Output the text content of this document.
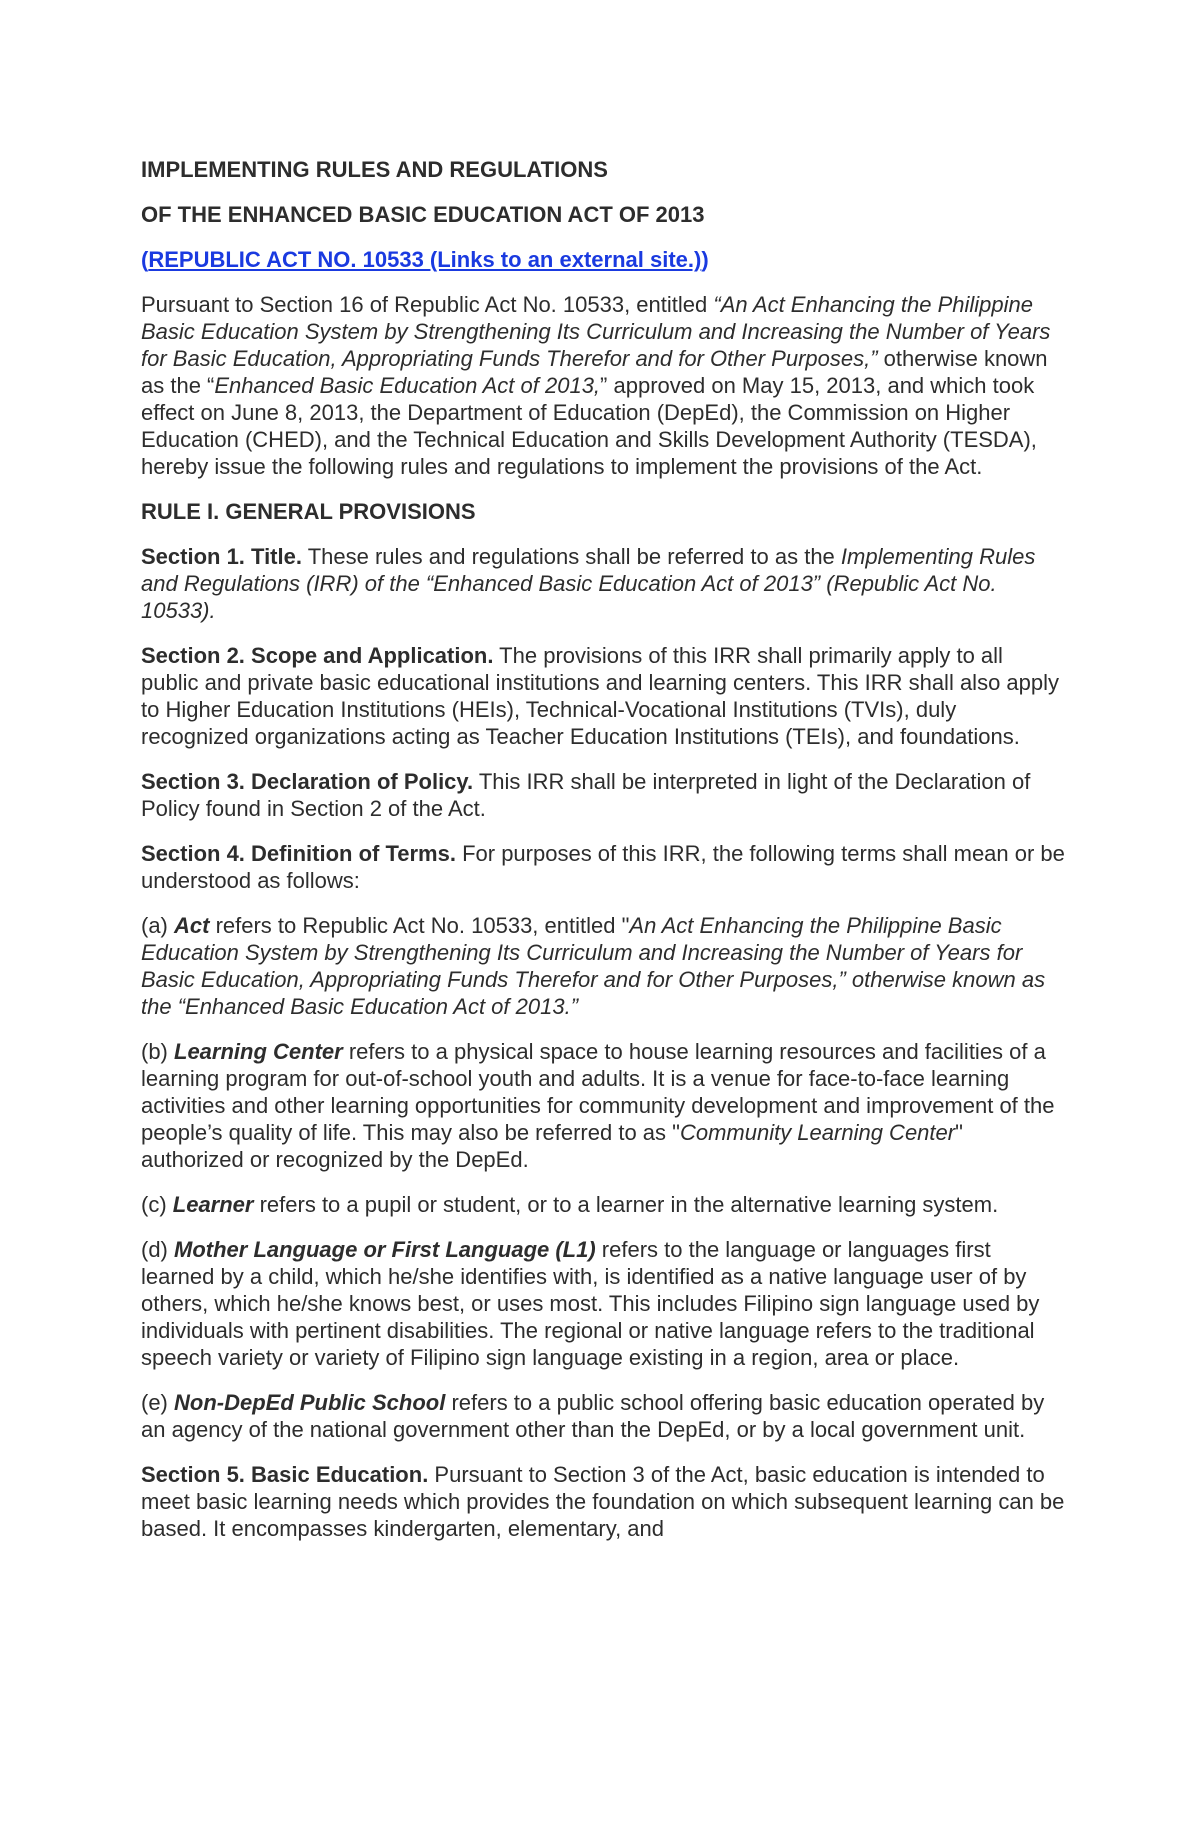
IMPLEMENTING RULES AND REGULATIONS
OF THE ENHANCED BASIC EDUCATION ACT OF 2013
(REPUBLIC ACT NO. 10533 (Links to an external site.))

Pursuant to Section 16 of Republic Act No. 10533, entitled “An Act Enhancing the Philippine Basic Education System by Strengthening Its Curriculum and Increasing the Number of Years for Basic Education, Appropriating Funds Therefor and for Other Purposes,” otherwise known as the “Enhanced Basic Education Act of 2013,” approved on May 15, 2013, and which took effect on June 8, 2013, the Department of Education (DepEd), the Commission on Higher Education (CHED), and the Technical Education and Skills Development Authority (TESDA), hereby issue the following rules and regulations to implement the provisions of the Act.

RULE I. GENERAL PROVISIONS

Section 1. Title. These rules and regulations shall be referred to as the Implementing Rules and Regulations (IRR) of the “Enhanced Basic Education Act of 2013” (Republic Act No. 10533).

Section 2. Scope and Application. The provisions of this IRR shall primarily apply to all public and private basic educational institutions and learning centers. This IRR shall also apply to Higher Education Institutions (HEIs), Technical-Vocational Institutions (TVIs), duly recognized organizations acting as Teacher Education Institutions (TEIs), and foundations.

Section 3. Declaration of Policy. This IRR shall be interpreted in light of the Declaration of Policy found in Section 2 of the Act.

Section 4. Definition of Terms. For purposes of this IRR, the following terms shall mean or be understood as follows:

(a) Act refers to Republic Act No. 10533, entitled "An Act Enhancing the Philippine Basic Education System by Strengthening Its Curriculum and Increasing the Number of Years for Basic Education, Appropriating Funds Therefor and for Other Purposes,” otherwise known as the “Enhanced Basic Education Act of 2013.”

(b) Learning Center refers to a physical space to house learning resources and facilities of a learning program for out-of-school youth and adults. It is a venue for face-to-face learning activities and other learning opportunities for community development and improvement of the people’s quality of life. This may also be referred to as "Community Learning Center" authorized or recognized by the DepEd.

(c) Learner refers to a pupil or student, or to a learner in the alternative learning system.

(d) Mother Language or First Language (L1) refers to the language or languages first learned by a child, which he/she identifies with, is identified as a native language user of by others, which he/she knows best, or uses most. This includes Filipino sign language used by individuals with pertinent disabilities. The regional or native language refers to the traditional speech variety or variety of Filipino sign language existing in a region, area or place.

(e) Non-DepEd Public School refers to a public school offering basic education operated by an agency of the national government other than the DepEd, or by a local government unit.

Section 5. Basic Education. Pursuant to Section 3 of the Act, basic education is intended to meet basic learning needs which provides the foundation on which subsequent learning can be based. It encompasses kindergarten, elementary, and
